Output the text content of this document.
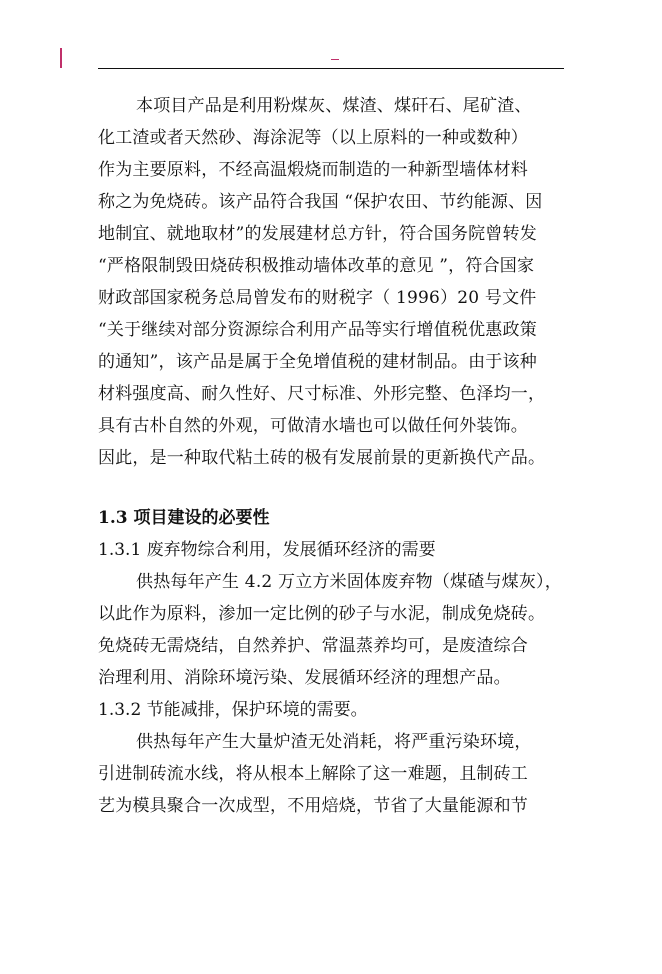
本项目产品是利用粉煤灰、煤渣、煤矸石、尾矿渣、
化工渣或者天然砂、海涂泥等（以上原料的一种或数种）
作为主要原料，不经高温煅烧而制造的一种新型墙体材料
称之为免烧砖。该产品符合我国 “保护农田、节约能源、因
地制宜、就地取材”的发展建材总方针，符合国务院曾转发
“严格限制毁田烧砖积极推动墙体改革的意见 ”，符合国家
财政部国家税务总局曾发布的财税字（ 1996）20 号文件
“关于继续对部分资源综合利用产品等实行增值税优惠政策
的通知”，该产品是属于全免增值税的建材制品。由于该种
材料强度高、耐久性好、尺寸标准、外形完整、色泽均一，
具有古朴自然的外观，可做清水墙也可以做任何外装饰。
因此，是一种取代粘土砖的极有发展前景的更新换代产品。
1.3 项目建设的必要性
1.3.1 废弃物综合利用，发展循环经济的需要
供热每年产生 4.2 万立方米固体废弃物（煤碴与煤灰），
以此作为原料，渗加一定比例的砂子与水泥，制成免烧砖。
免烧砖无需烧结，自然养护、常温蒸养均可，是废渣综合
治理利用、消除环境污染、发展循环经济的理想产品。
1.3.2 节能减排，保护环境的需要。
供热每年产生大量炉渣无处消耗，将严重污染环境，
引进制砖流水线，将从根本上解除了这一难题，且制砖工
艺为模具聚合一次成型，不用焙烧，节省了大量能源和节
